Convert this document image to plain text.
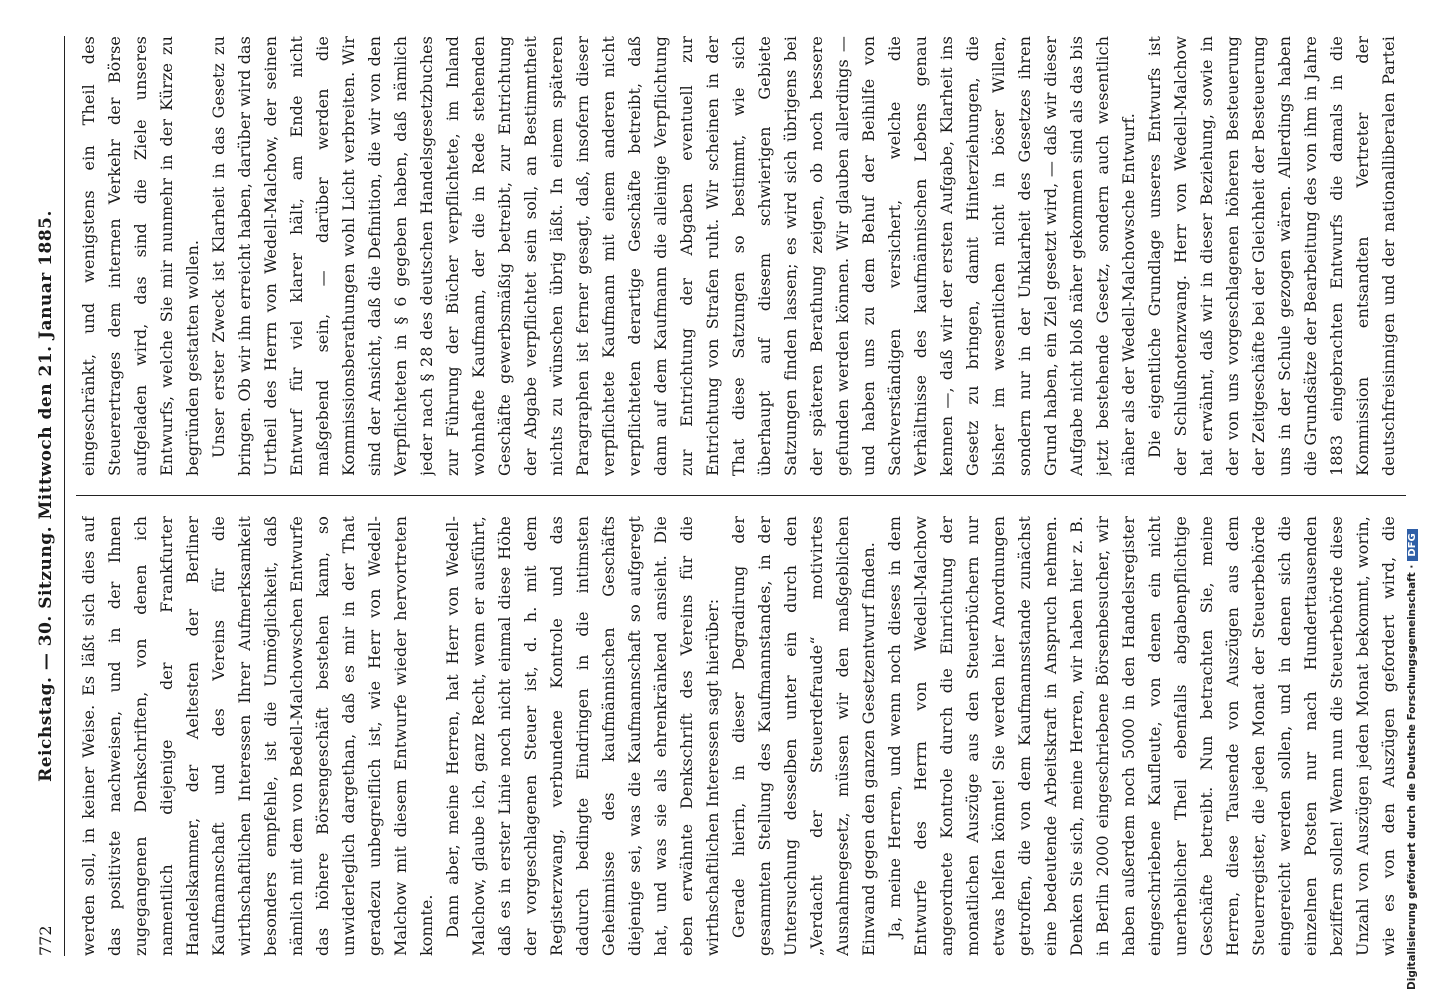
772
Reichstag. — 30. Sitzung. Mittwoch den 21. Januar 1885. werden soll, in keiner Weise. Es läßt sich dies auf das positivste nachweisen, und in der Ihnen zugegangenen Denkschriften, von denen ich namentlich diejenige der Frankfurter Handelskammer, der Aeltesten der Berliner Kaufmannschaft und des Vereins für die wirthschaftlichen Interessen Ihrer Aufmerksamkeit besonders empfehle, ist die Unmöglichkeit, daß nämlich mit dem von Bedell-Malchowschen Entwurfe das höhere Börsengeschäft bestehen kann, so unwiderleglich dargethan, daß es mir in der That geradezu unbegreiflich ist, wie Herr von Wedell-Malchow mit diesem Entwurfe wieder hervortreten konnte. Dann aber, meine Herren, hat Herr von Wedell-Malchow, glaube ich, ganz Recht, wenn er ausführt, daß es in erster Linie noch nicht einmal diese Höhe der vorgeschlagenen Steuer ist, d. h. mit dem Registerzwang, verbundene Kontrole und das dadurch bedingte Eindringen in die intimsten Geheimnisse des kaufmännischen Geschäfts diejenige sei, was die Kaufmannschaft so aufgeregt hat, und was sie als ehrenkränkend ansieht. Die eben erwähnte Denkschrift des Vereins für die wirthschaftlichen Interessen sagt hierüber: Gerade hierin, in dieser Degradirung der gesammten Stellung des Kaufmannstandes, in der Untersuchung desselben unter ein durch den „Verdacht der Steuerdefraude“ motivirtes Ausnahmegesetz, müssen wir den maßgeblichen Einwand gegen den ganzen Gesetzentwurf finden. Ja, meine Herren, und wenn noch dieses in dem Entwurfe des Herrn von Wedell-Malchow angeordnete Kontrole durch die Einrichtung der monatlichen Auszüge aus den Steuerbüchern nur etwas helfen könnte! Sie werden hier Anordnungen getroffen, die von dem Kaufmannsstande zunächst eine bedeutende Arbeitskraft in Anspruch nehmen. Denken Sie sich, meine Herren, wir haben hier z. B. in Berlin 2000 eingeschriebene Börsenbesucher, wir haben außerdem noch 5000 in den Handelsregister eingeschriebene Kaufleute, von denen ein nicht unerheblicher Theil ebenfalls abgabenpflichtige Geschäfte betreibt. Nun betrachten Sie, meine Herren, diese Tausende von Auszügen aus dem Steuerregister, die jeden Monat der Steuerbehörde eingereicht werden sollen, und in denen sich die einzelnen Posten nur nach Hunderttausenden beziffern sollen! Wenn nun die Steuerbehörde diese Unzahl von Auszügen jeden Monat bekommt, worin, wie es von den Auszügen gefordert wird, die

eingeschränkt, und wenigstens ein Theil des Steuerertrages dem internen Verkehr der Börse aufgeladen wird, das sind die Ziele unseres Entwurfs, welche Sie mir nunmehr in der Kürze zu begründen gestatten wollen. Unser erster Zweck ist Klarheit in das Gesetz zu bringen. Ob wir ihn erreicht haben, darüber wird das Urtheil des Herrn von Wedell-Malchow, der seinen Entwurf für viel klarer hält, am Ende nicht maßgebend sein, — darüber werden die Kommissionsberathungen wohl Licht verbreiten. Wir sind der Ansicht, daß die Definition, die wir von den Verpflichteten in § 6 gegeben haben, daß nämlich jeder nach § 28 des deutschen Handelsgesetzbuches zur Führung der Bücher verpflichtete, im Inland wohnhafte Kaufmann, der die in Rede stehenden Geschäfte gewerbsmäßig betreibt, zur Entrichtung der Abgabe verpflichtet sein soll, an Bestimmtheit nichts zu wünschen übrig läßt. In einem späteren Paragraphen ist ferner gesagt, daß, insofern dieser verpflichtete Kaufmann mit einem anderen nicht verpflichteten derartige Geschäfte betreibt, daß dann auf dem Kaufmann die alleinige Verpflichtung zur Entrichtung der Abgaben eventuell zur Entrichtung von Strafen ruht. Wir scheinen in der That diese Satzungen so bestimmt, wie sich überhaupt auf diesem schwierigen Gebiete Satzungen finden lassen; es wird sich übrigens bei der späteren Berathung zeigen, ob noch bessere gefunden werden können. Wir glauben allerdings — und haben uns zu dem Behuf der Beihilfe von Sachverständigen versichert, welche die Verhältnisse des kaufmännischen Lebens genau kennen —, daß wir der ersten Aufgabe, Klarheit ins Gesetz zu bringen, damit Hinterziehungen, die bisher im wesentlichen nicht in böser Willen, sondern nur in der Unklarheit des Gesetzes ihren Grund haben, ein Ziel gesetzt wird, — daß wir dieser Aufgabe nicht bloß näher gekommen sind als das bis jetzt bestehende Gesetz, sondern auch wesentlich näher als der Wedell-Malchowsche Entwurf. Die eigentliche Grundlage unseres Entwurfs ist der Schlußnotenzwang. Herr von Wedell-Malchow hat erwähnt, daß wir in dieser Beziehung, sowie in der von uns vorgeschlagenen höheren Besteuerung der Zeitgeschäfte bei der Gleichheit der Besteuerung uns in der Schule gezogen wären. Allerdings haben die Grundsätze der Bearbeitung des von ihm in Jahre 1883 eingebrachten Entwurfs die damals in die Kommission entsandten Vertreter der deutschfreisinnigen und der nationalliberalen Partei

Digitalisierung gefördert durch die Deutsche Forschungsgemeinschaft ·DFG
